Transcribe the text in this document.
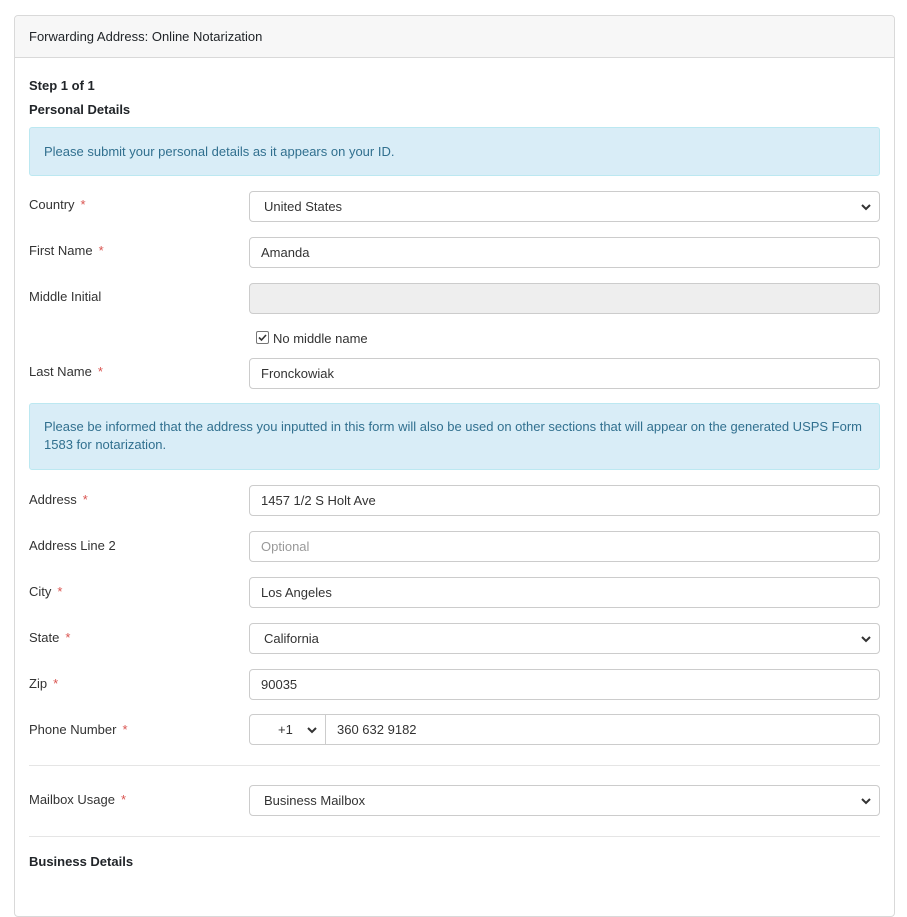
Forwarding Address: Online Notarization
Step 1 of 1
Personal Details
Please submit your personal details as it appears on your ID.
Country *	United States
First Name *	Amanda
Middle Initial
No middle name
Last Name *	Fronckowiak
Please be informed that the address you inputted in this form will also be used on other sections that will appear on the generated USPS Form 1583 for notarization.
Address *	1457 1/2 S Holt Ave
Address Line 2	Optional
City *	Los Angeles
State *	California
Zip *	90035
Phone Number *	+1	360 632 9182
Mailbox Usage *	Business Mailbox
Business Details
